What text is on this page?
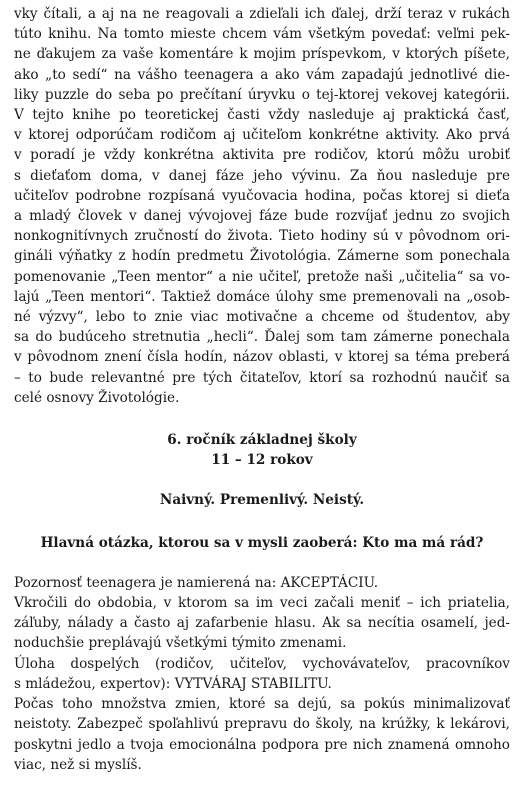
vky čítali, a aj na ne reagovali a zdieľali ich ďalej, drží teraz v rukách
túto knihu. Na tomto mieste chcem vám všetkým povedať: veľmi pek-
ne ďakujem za vaše komentáre k mojim príspevkom, v ktorých píšete,
ako „to sedí“ na vášho teenagera a ako vám zapadajú jednotlivé die-
liky puzzle do seba po prečítaní úryvku o tej-ktorej vekovej kategórii.
V tejto knihe po teoretickej časti vždy nasleduje aj praktická časť,
v ktorej odporúčam rodičom aj učiteľom konkrétne aktivity. Ako prvá
v poradí je vždy konkrétna aktivita pre rodičov, ktorú môžu urobiť
s dieťaťom doma, v danej fáze jeho vývinu. Za ňou nasleduje pre
učiteľov podrobne rozpísaná vyučovacia hodina, počas ktorej si dieťa
a mladý človek v danej vývojovej fáze bude rozvíjať jednu zo svojich
nonkognitívnych zručností do života. Tieto hodiny sú v pôvodnom ori-
gináli výňatky z hodín predmetu Životológia. Zámerne som ponechala
pomenovanie „Teen mentor“ a nie učiteľ, pretože naši „učitelia“ sa vo-
lajú „Teen mentori“. Taktiež domáce úlohy sme premenovali na „osob-
né výzvy“, lebo to znie viac motivačne a chceme od študentov, aby
sa do budúceho stretnutia „hecli“. Ďalej som tam zámerne ponechala
v pôvodnom znení čísla hodín, názov oblasti, v ktorej sa téma preberá
– to bude relevantné pre tých čitateľov, ktorí sa rozhodnú naučiť sa
celé osnovy Životológie.
6. ročník základnej školy
11 – 12 rokov
Naivný. Premenlivý. Neistý.
Hlavná otázka, ktorou sa v mysli zaoberá: Kto ma má rád?
Pozornosť teenagera je namierená na: AKCEPTÁCIU.
Vkročili do obdobia, v ktorom sa im veci začali meniť – ich priatelia,
záľuby, nálady a často aj zafarbenie hlasu. Ak sa necítia osamelí, jed-
noduchšie preplávajú všetkými týmito zmenami.
Úloha dospelých (rodičov, učiteľov, vychovávateľov, pracovníkov
s mládežou, expertov): VYTVÁRAJ STABILITU.
Počas toho množstva zmien, ktoré sa dejú, sa pokús minimalizovať
neistoty. Zabezpeč spoľahlivú prepravu do školy, na krúžky, k lekárovi,
poskytni jedlo a tvoja emocionálna podpora pre nich znamená omnoho
viac, než si myslíš.
